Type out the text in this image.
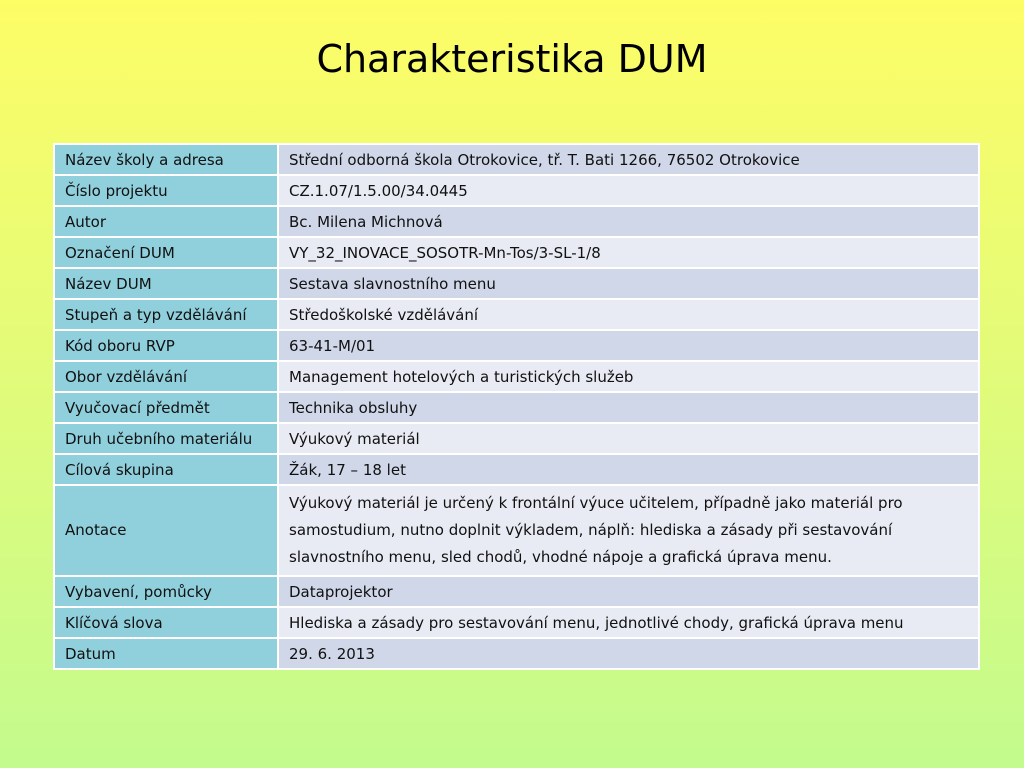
Charakteristika DUM
Název školy a adresa	Střední odborná škola Otrokovice, tř. T. Bati 1266, 76502 Otrokovice
Číslo projektu	CZ.1.07/1.5.00/34.0445
Autor	Bc. Milena Michnová
Označení DUM	VY_32_INOVACE_SOSOTR-Mn-Tos/3-SL-1/8
Název DUM	Sestava slavnostního menu
Stupeň a typ vzdělávání	Středoškolské vzdělávání
Kód oboru RVP	63-41-M/01
Obor vzdělávání	Management hotelových a turistických služeb
Vyučovací předmět	Technika obsluhy
Druh učebního materiálu	Výukový materiál
Cílová skupina	Žák, 17 – 18 let
Anotace	Výukový materiál je určený k frontální výuce učitelem, případně jako materiál pro samostudium, nutno doplnit výkladem, náplň: hlediska a zásady při sestavování slavnostního menu, sled chodů, vhodné nápoje a grafická úprava menu.
Vybavení, pomůcky	Dataprojektor
Klíčová slova	Hlediska a zásady pro sestavování menu, jednotlivé chody, grafická úprava menu
Datum	29. 6. 2013
